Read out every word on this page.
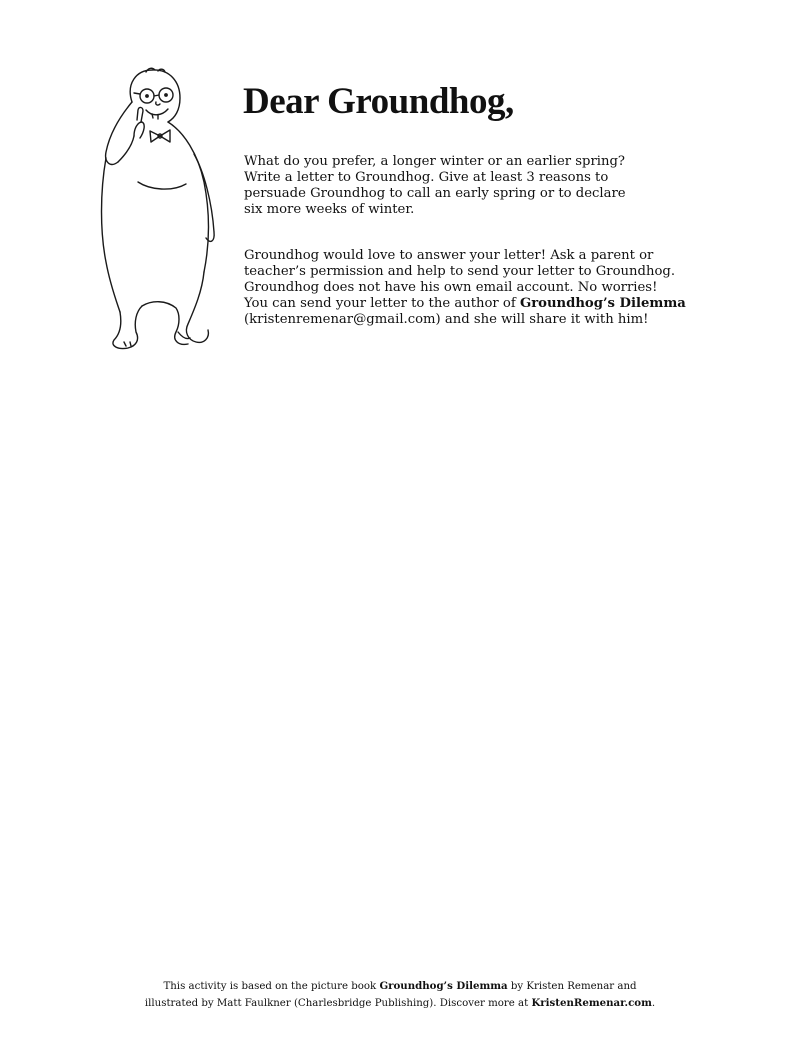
Dear Groundhog,
What do you prefer, a longer winter or an earlier spring?
Write a letter to Groundhog. Give at least 3 reasons to
persuade Groundhog to call an early spring or to declare
six more weeks of winter.
Groundhog would love to answer your letter! Ask a parent or
teacher’s permission and help to send your letter to Groundhog.
Groundhog does not have his own email account. No worries!
You can send your letter to the author of Groundhog’s Dilemma
(kristenremenar@gmail.com) and she will share it with him!
This activity is based on the picture book Groundhog’s Dilemma by Kristen Remenar and
illustrated by Matt Faulkner (Charlesbridge Publishing). Discover more at KristenRemenar.com.
